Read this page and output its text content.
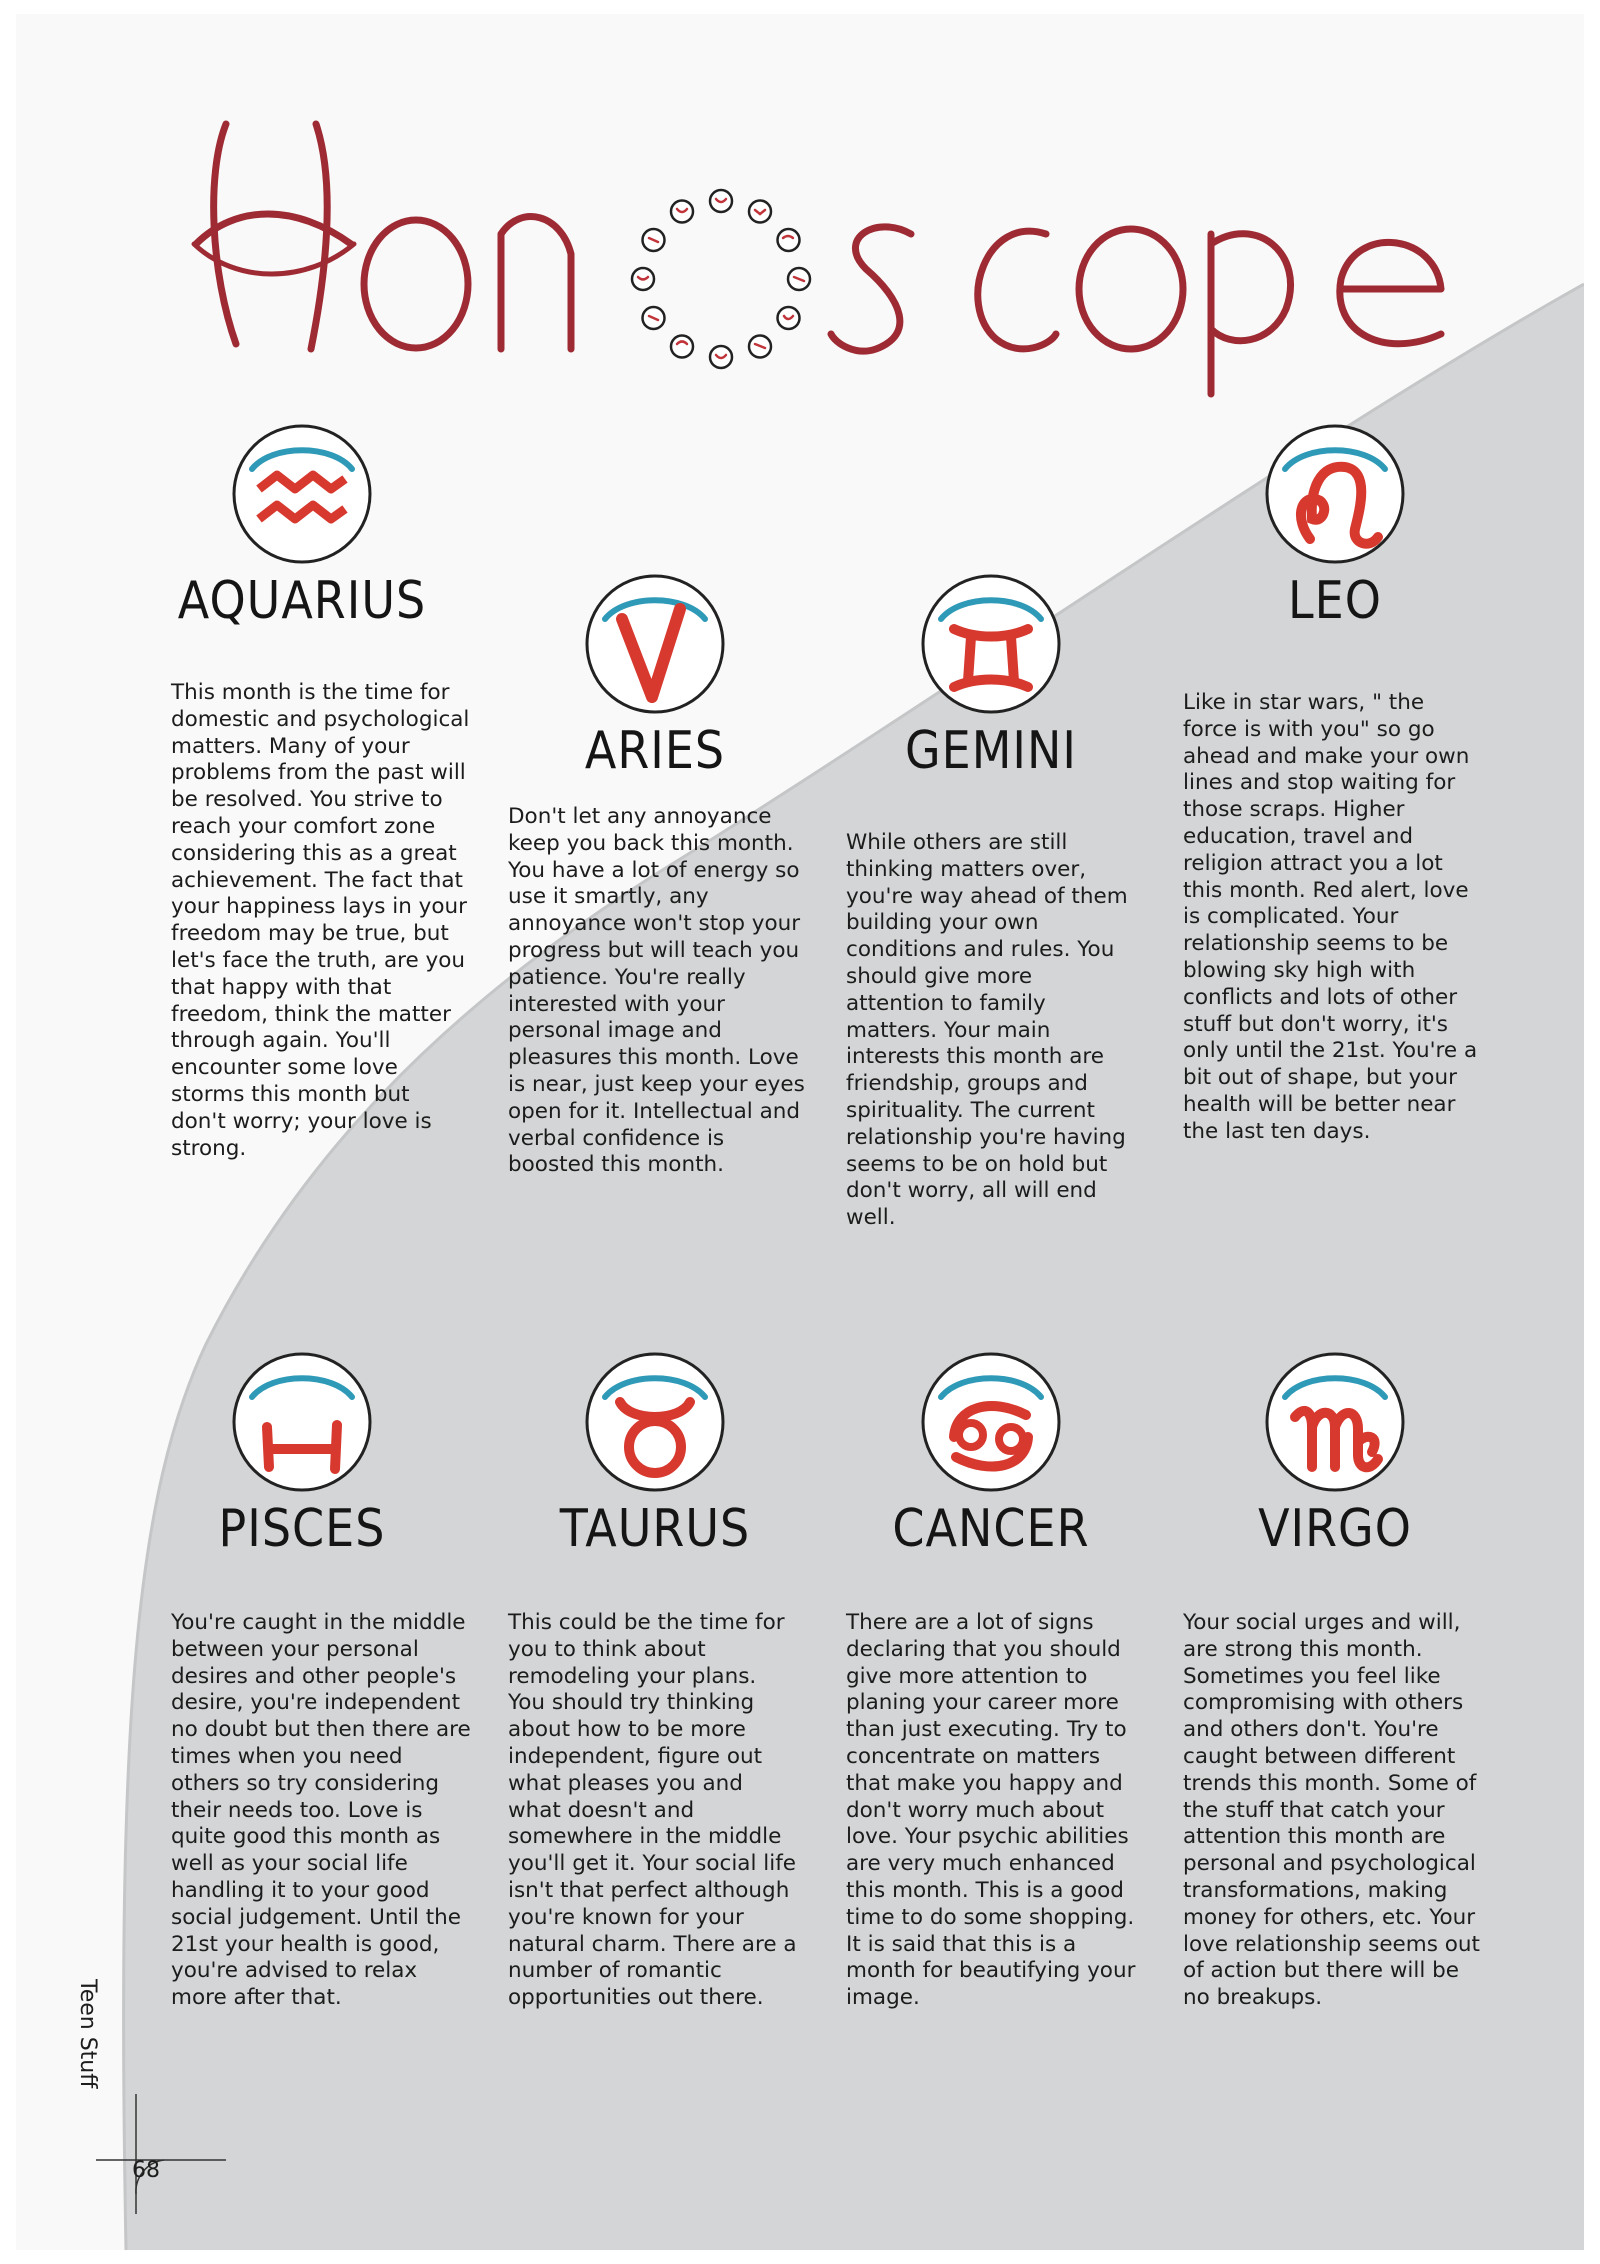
AQUARIUS
ARIES	GEMINI
LEO

This month is the time for domestic and psychological matters. Many of your problems from the past will be resolved. You strive to reach your comfort zone considering this as a great achievement. The fact that your happiness lays in your freedom may be true, but let's face the truth, are you that happy with that freedom, think the matter through again. You'll encounter some love storms this month but don't worry; your love is strong.

Don't let any annoyance keep you back this month. You have a lot of energy so use it smartly, any annoyance won't stop your progress but will teach you patience. You're really interested with your personal image and pleasures this month. Love is near, just keep your eyes open for it. Intellectual and verbal confidence is boosted this month.

While others are still thinking matters over, you're way ahead of them building your own conditions and rules. You should give more attention to family matters. Your main interests this month are friendship, groups and spirituality. The current relationship you're having seems to be on hold but don't worry, all will end well.

Like in star wars, " the force is with you" so go ahead and make your own lines and stop waiting for those scraps. Higher education, travel and religion attract you a lot this month. Red alert, love is complicated. Your relationship seems to be blowing sky high with conflicts and lots of other stuff but don't worry, it's only until the 21st. You're a bit out of shape, but your health will be better near the last ten days.

PISCES	TAURUS	CANCER	VIRGO

You're caught in the middle between your personal desires and other people's desire, you're independent no doubt but then there are times when you need others so try considering their needs too. Love is quite good this month as well as your social life handling it to your good social judgement. Until the 21st your health is good, you're advised to relax more after that.

This could be the time for you to think about remodeling your plans. You should try thinking about how to be more independent, figure out what pleases you and what doesn't and somewhere in the middle you'll get it. Your social life isn't that perfect although you're known for your natural charm. There are a number of romantic opportunities out there.

There are a lot of signs declaring that you should give more attention to planing your career more than just executing. Try to concentrate on matters that make you happy and don't worry much about love. Your psychic abilities are very much enhanced this month. This is a good time to do some shopping. It is said that this is a month for beautifying your image.

Your social urges and will, are strong this month. Sometimes you feel like compromising with others and others don't. You're caught between different trends this month. Some of the stuff that catch your attention this month are personal and psychological transformations, making money for others, etc. Your love relationship seems out of action but there will be no breakups.

Teen Stuff
68
